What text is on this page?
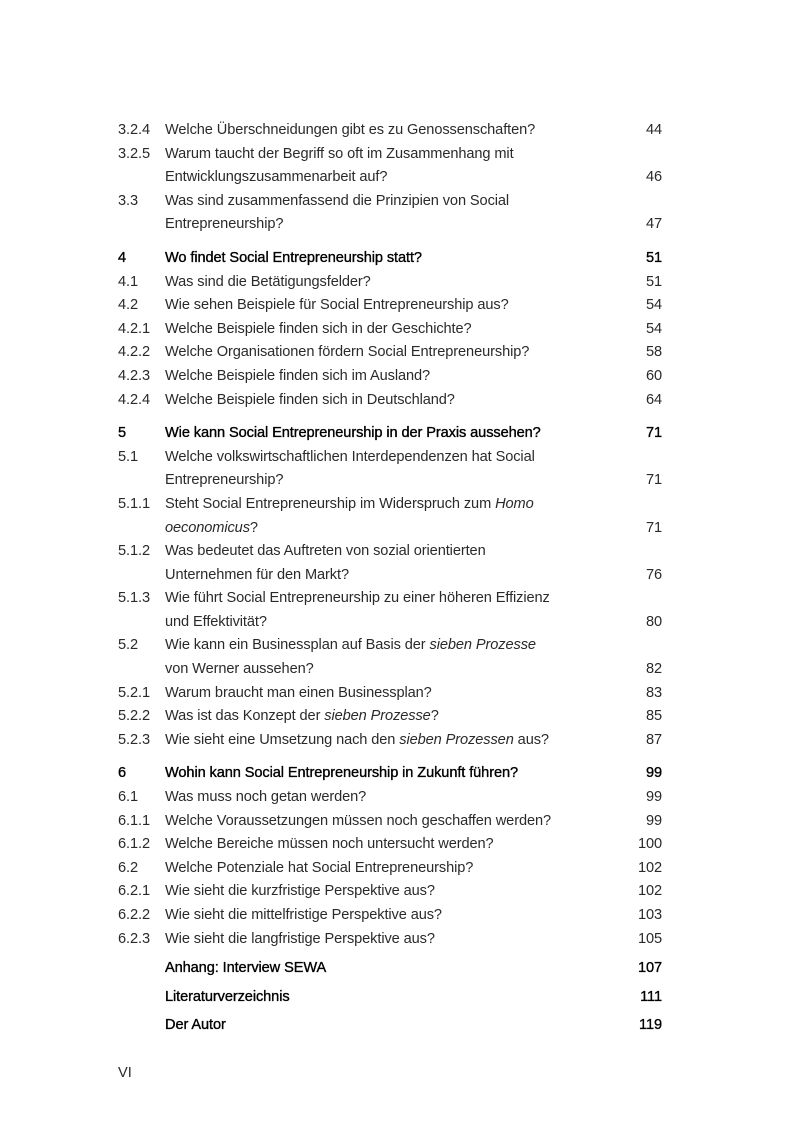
3.2.4	Welche Überschneidungen gibt es zu Genossenschaften?	44
3.2.5	Warum taucht der Begriff so oft im Zusammenhang mit
Entwicklungszusammenarbeit auf?	46
3.3	Was sind zusammenfassend die Prinzipien von Social
Entrepreneurship?	47
4	Wo findet Social Entrepreneurship statt?	51
4.1	Was sind die Betätigungsfelder?	51
4.2	Wie sehen Beispiele für Social Entrepreneurship aus?	54
4.2.1	Welche Beispiele finden sich in der Geschichte?	54
4.2.2	Welche Organisationen fördern Social Entrepreneurship?	58
4.2.3	Welche Beispiele finden sich im Ausland?	60
4.2.4	Welche Beispiele finden sich in Deutschland?	64
5	Wie kann Social Entrepreneurship in der Praxis aussehen?	71
5.1	Welche volkswirtschaftlichen Interdependenzen hat Social
Entrepreneurship?	71
5.1.1	Steht Social Entrepreneurship im Widerspruch zum Homo
oeconomicus?	71
5.1.2	Was bedeutet das Auftreten von sozial orientierten
Unternehmen für den Markt?	76
5.1.3	Wie führt Social Entrepreneurship zu einer höheren Effizienz
und Effektivität?	80
5.2	Wie kann ein Businessplan auf Basis der sieben Prozesse
von Werner aussehen?	82
5.2.1	Warum braucht man einen Businessplan?	83
5.2.2	Was ist das Konzept der sieben Prozesse?	85
5.2.3	Wie sieht eine Umsetzung nach den sieben Prozessen aus?	87
6	Wohin kann Social Entrepreneurship in Zukunft führen?	99
6.1	Was muss noch getan werden?	99
6.1.1	Welche Voraussetzungen müssen noch geschaffen werden?	99
6.1.2	Welche Bereiche müssen noch untersucht werden?	100
6.2	Welche Potenziale hat Social Entrepreneurship?	102
6.2.1	Wie sieht die kurzfristige Perspektive aus?	102
6.2.2	Wie sieht die mittelfristige Perspektive aus?	103
6.2.3	Wie sieht die langfristige Perspektive aus?	105
Anhang: Interview SEWA	107
Literaturverzeichnis	111
Der Autor	119
VI
